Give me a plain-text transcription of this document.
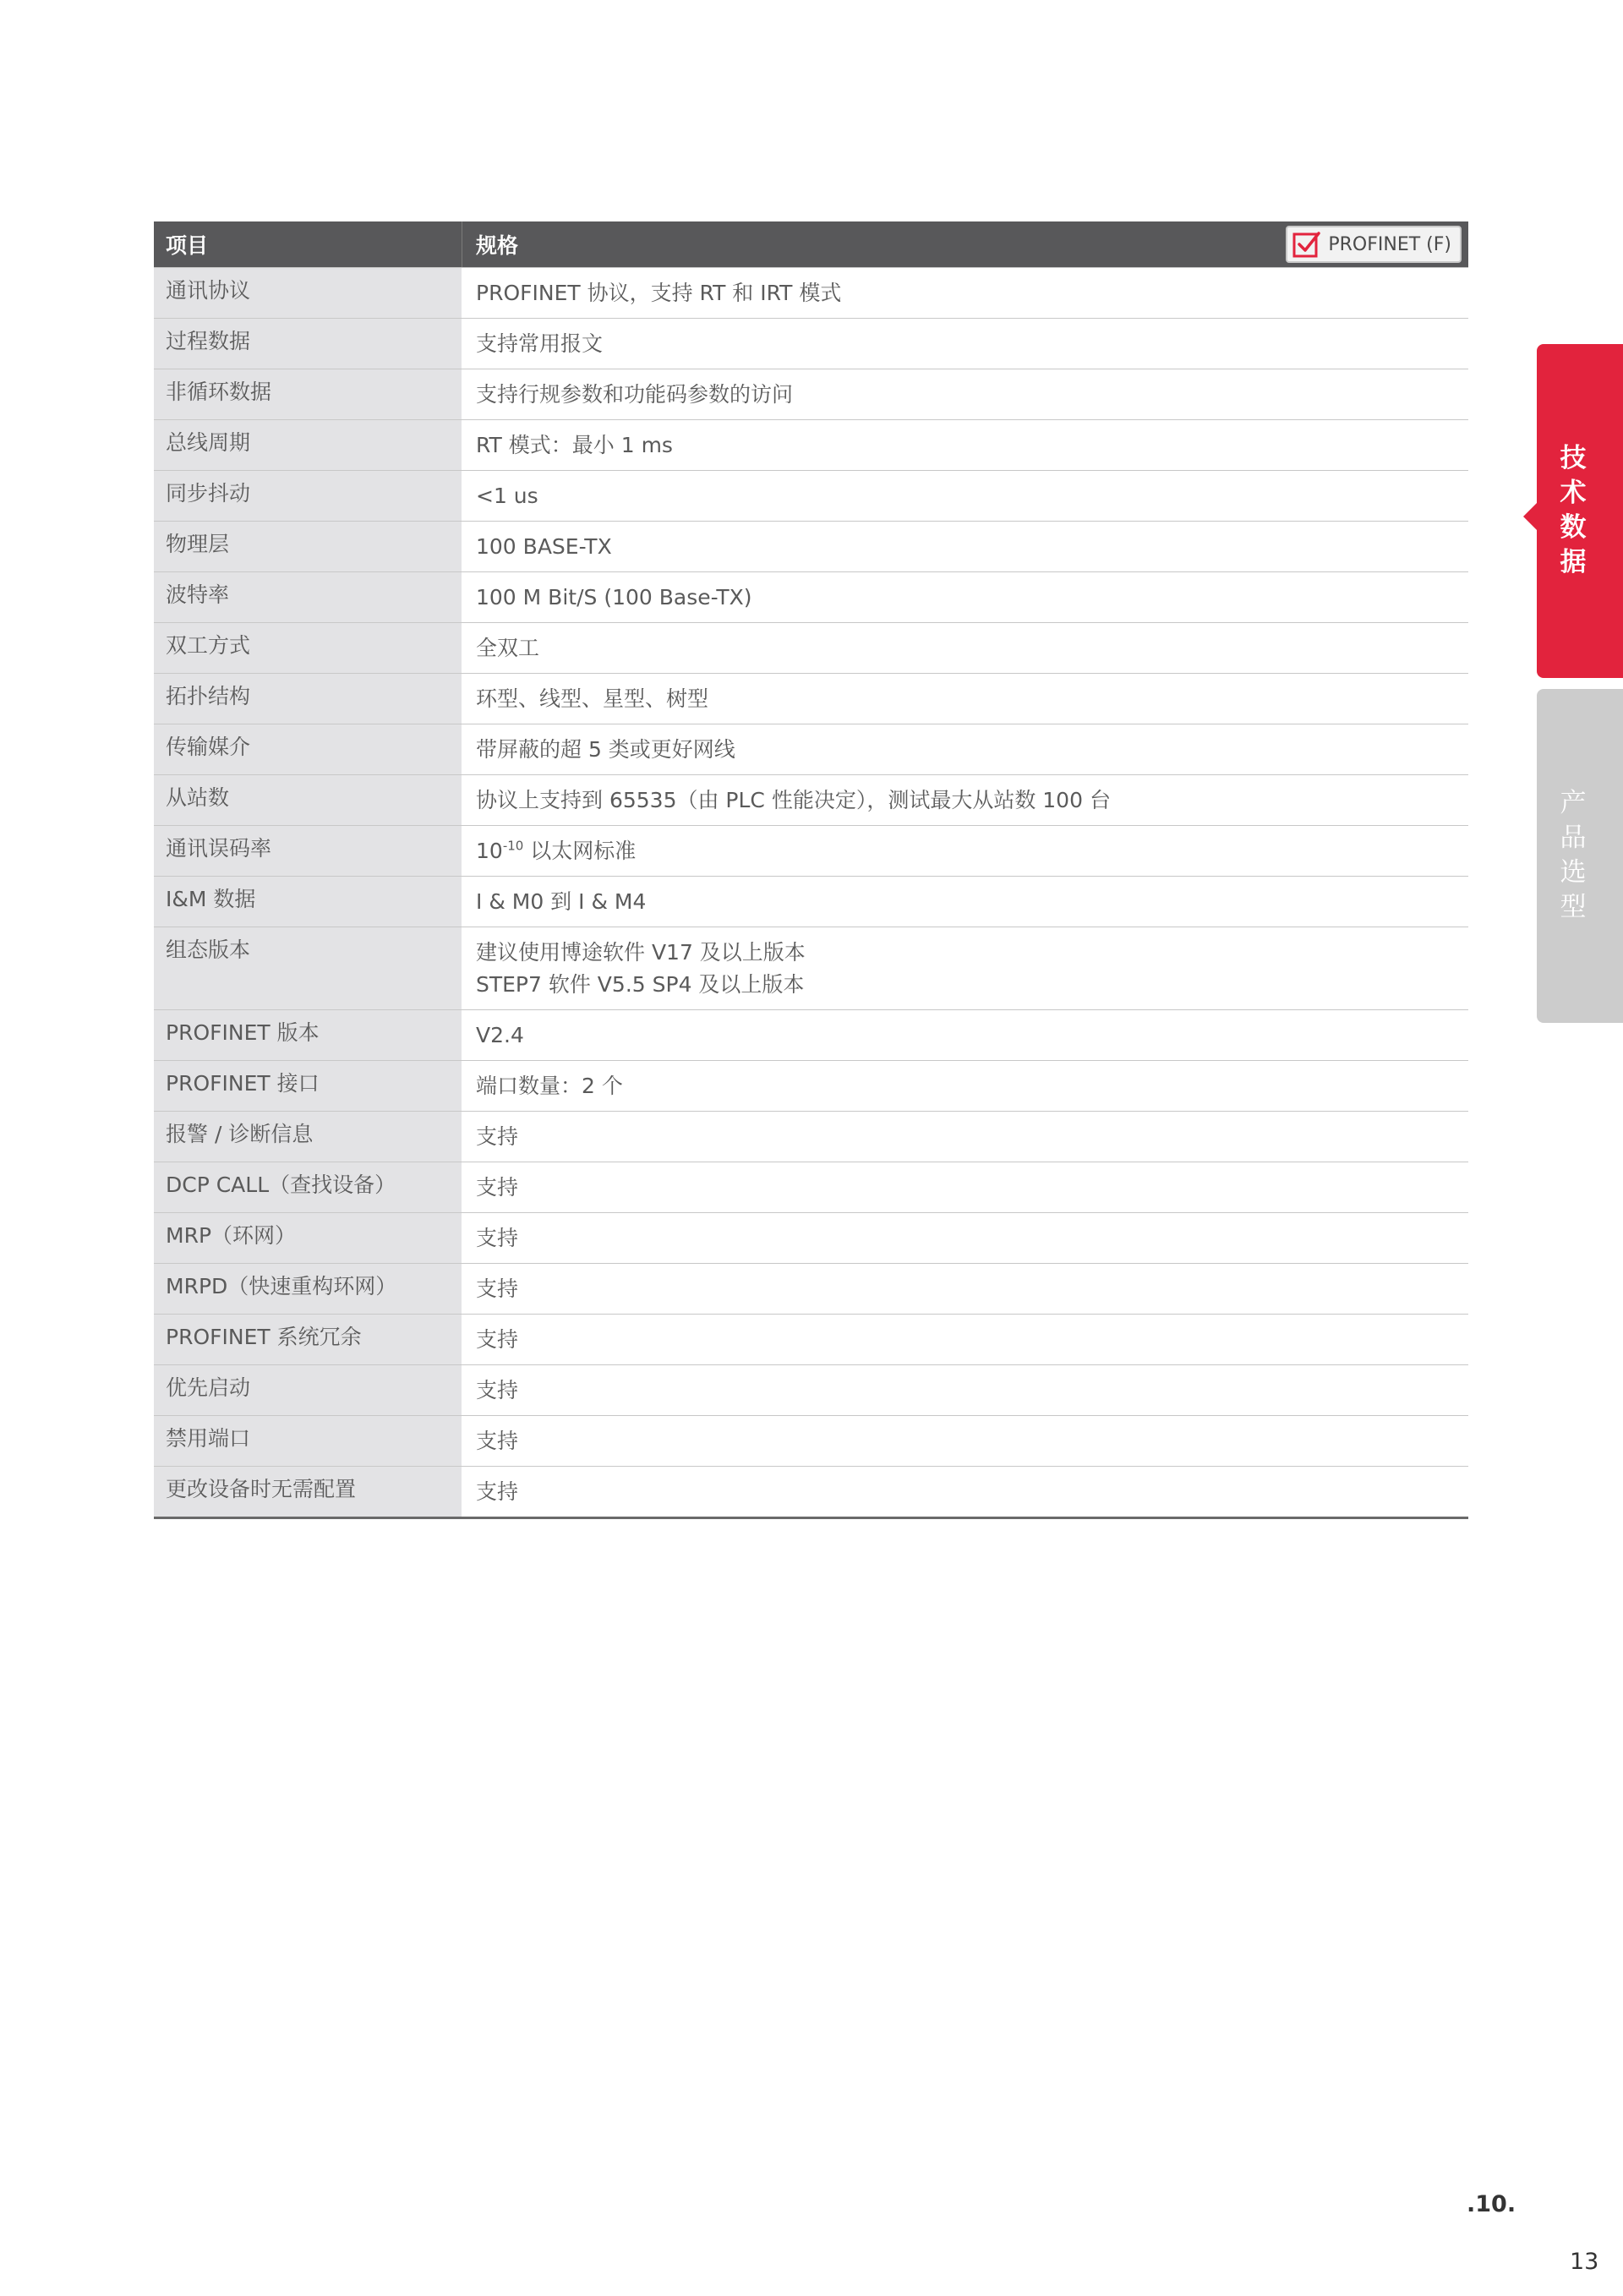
项目	规格	PROFINET (F)
通讯协议	PROFINET 协议，支持 RT 和 IRT 模式
过程数据	支持常用报文
非循环数据	支持行规参数和功能码参数的访问
总线周期	RT 模式：最小 1 ms
同步抖动	<1 us
物理层	100 BASE-TX
波特率	100 M Bit/S (100 Base-TX)
双工方式	全双工
拓扑结构	环型、线型、星型、树型
传输媒介	带屏蔽的超 5 类或更好网线
从站数	协议上支持到 65535（由 PLC 性能决定），测试最大从站数 100 台
通讯误码率	$10^{-10}$ 以太网标准
I&M 数据	I & M0 到 I & M4
组态版本	建议使用博途软件 V17 及以上版本
STEP7 软件 V5.5 SP4 及以上版本
PROFINET 版本	V2.4
PROFINET 接口	端口数量：2 个
报警 / 诊断信息	支持
DCP CALL（查找设备）	支持
MRP（环网）	支持
MRPD（快速重构环网）	支持
PROFINET 系统冗余	支持
优先启动	支持
禁用端口	支持
更改设备时无需配置	支持
技
术
数
据
产
品
选
型
.10.
13
